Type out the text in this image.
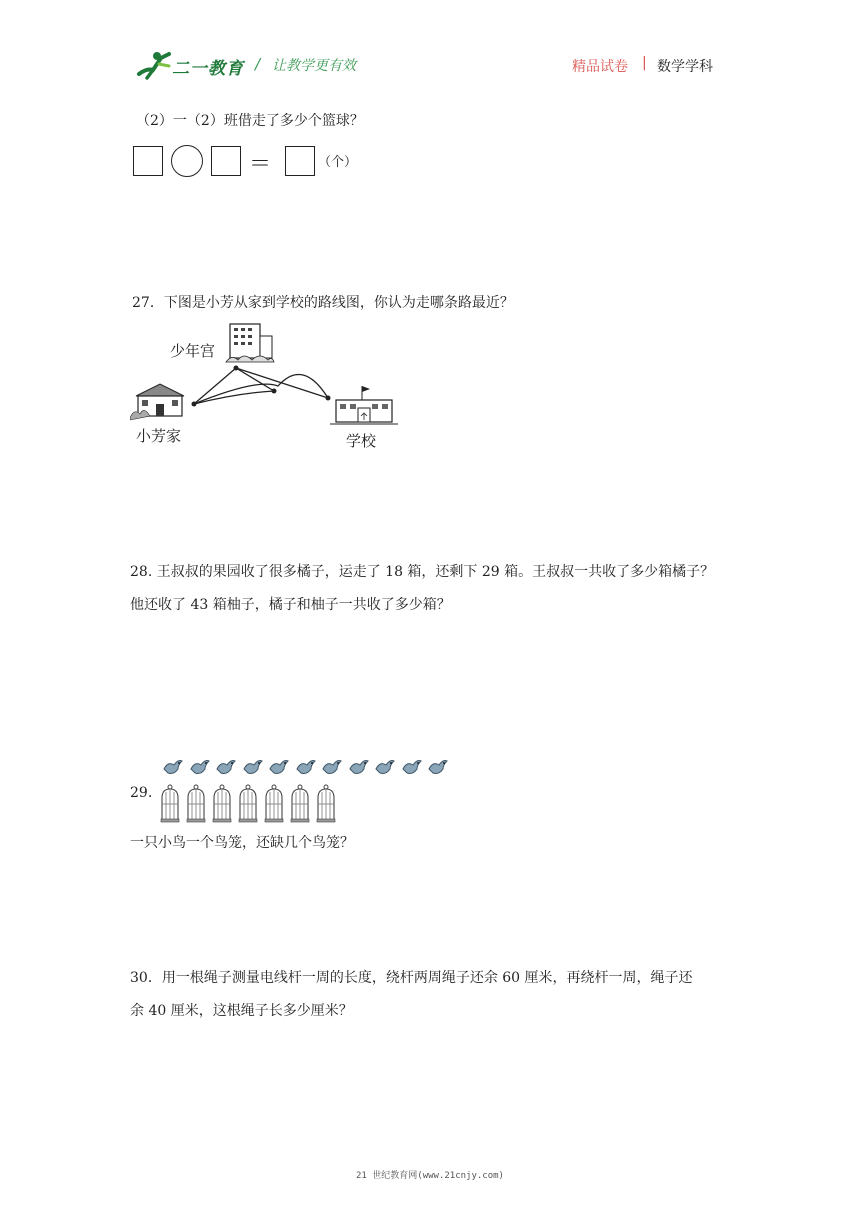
二一教育 / 让教学更有效	精品试卷 | 数学学科
（2）一（2）班借走了多少个篮球？
＝	（个）
27．下图是小芳从家到学校的路线图，你认为走哪条路最近？
少年宫
小芳家	学校
28. 王叔叔的果园收了很多橘子，运走了 18 箱，还剩下 29 箱。王叔叔一共收了多少箱橘子？
他还收了 43 箱柚子，橘子和柚子一共收了多少箱？
29.
一只小鸟一个鸟笼，还缺几个鸟笼？
30．用一根绳子测量电线杆一周的长度，绕杆两周绳子还余 60 厘米，再绕杆一周，绳子还
余 40 厘米，这根绳子长多少厘米？
21 世纪教育网(www.21cnjy.com)
